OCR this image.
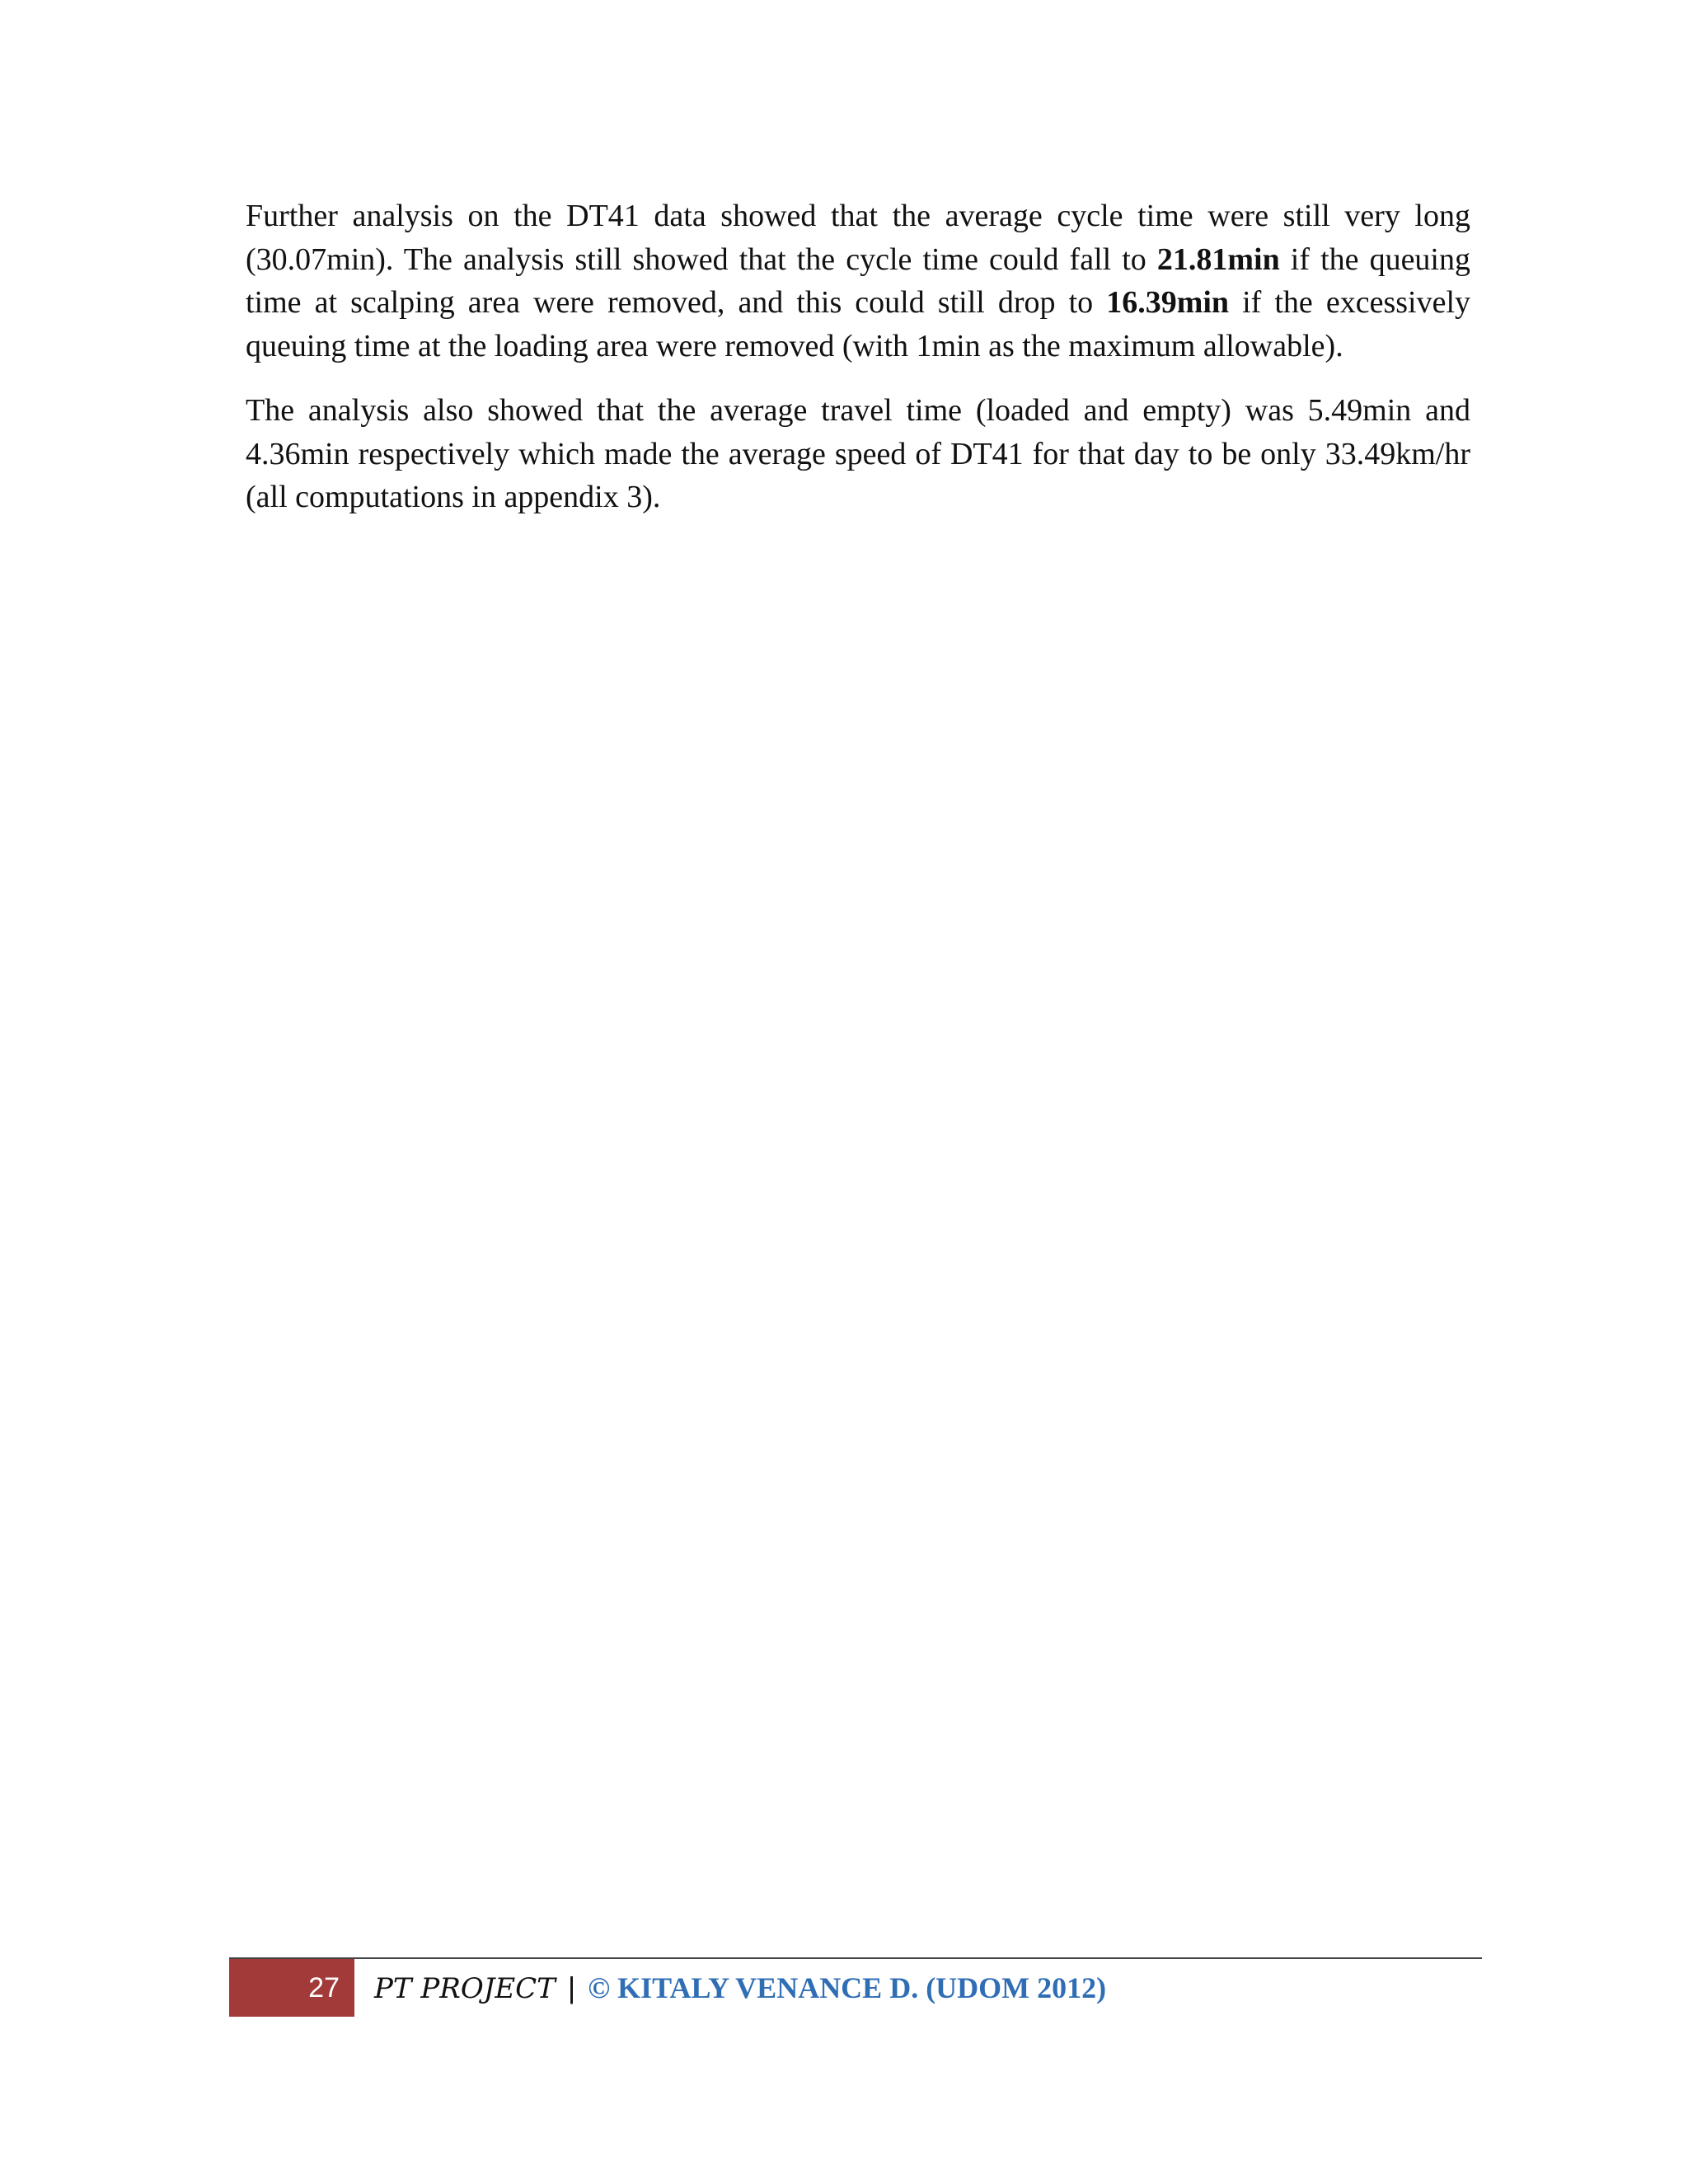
Further analysis on the DT41 data showed that the average cycle time were still very long (30.07min). The analysis still showed that the cycle time could fall to 21.81min if the queuing time at scalping area were removed, and this could still drop to 16.39min if the excessively queuing time at the loading area were removed (with 1min as the maximum allowable).

The analysis also showed that the average travel time (loaded and empty) was 5.49min and 4.36min respectively which made the average speed of DT41 for that day to be only 33.49km/hr (all computations in appendix 3).

27	PT PROJECT | © KITALY VENANCE D. (UDOM 2012)
